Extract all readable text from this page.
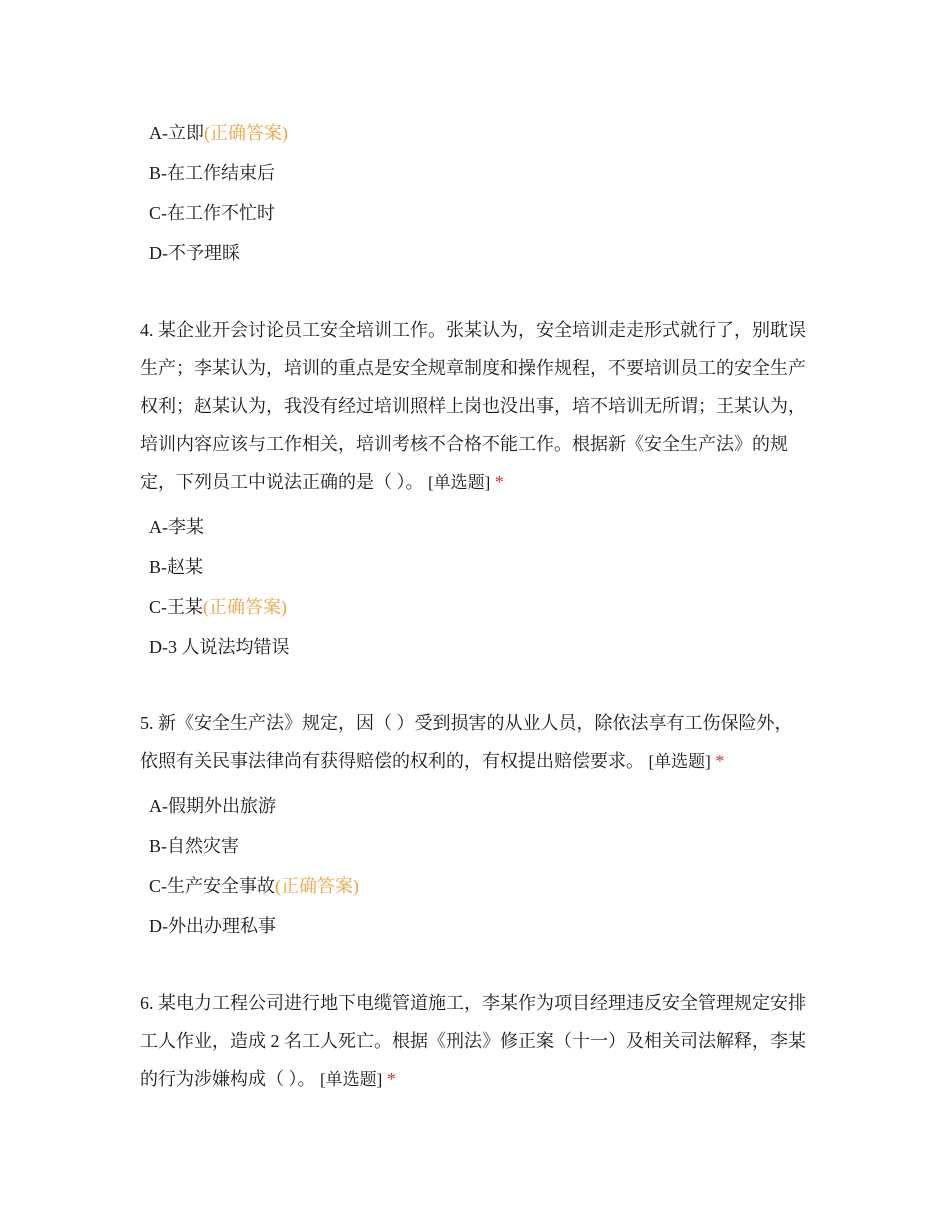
A-立即(正确答案)
B-在工作结束后
C-在工作不忙时
D-不予理睬

4. 某企业开会讨论员工安全培训工作。张某认为，安全培训走走形式就行了，别耽误生产；李某认为，培训的重点是安全规章制度和操作规程，不要培训员工的安全生产权利；赵某认为，我没有经过培训照样上岗也没出事，培不培训无所谓；王某认为，培训内容应该与工作相关，培训考核不合格不能工作。根据新《安全生产法》的规定，下列员工中说法正确的是（ ）。 [单选题] *

A-李某
B-赵某
C-王某(正确答案)
D-3 人说法均错误

5. 新《安全生产法》规定，因（ ）受到损害的从业人员，除依法享有工伤保险外，依照有关民事法律尚有获得赔偿的权利的，有权提出赔偿要求。 [单选题] *

A-假期外出旅游
B-自然灾害
C-生产安全事故(正确答案)
D-外出办理私事

6. 某电力工程公司进行地下电缆管道施工，李某作为项目经理违反安全管理规定安排工人作业，造成 2 名工人死亡。根据《刑法》修正案（十一）及相关司法解释，李某的行为涉嫌构成（ ）。 [单选题] *
